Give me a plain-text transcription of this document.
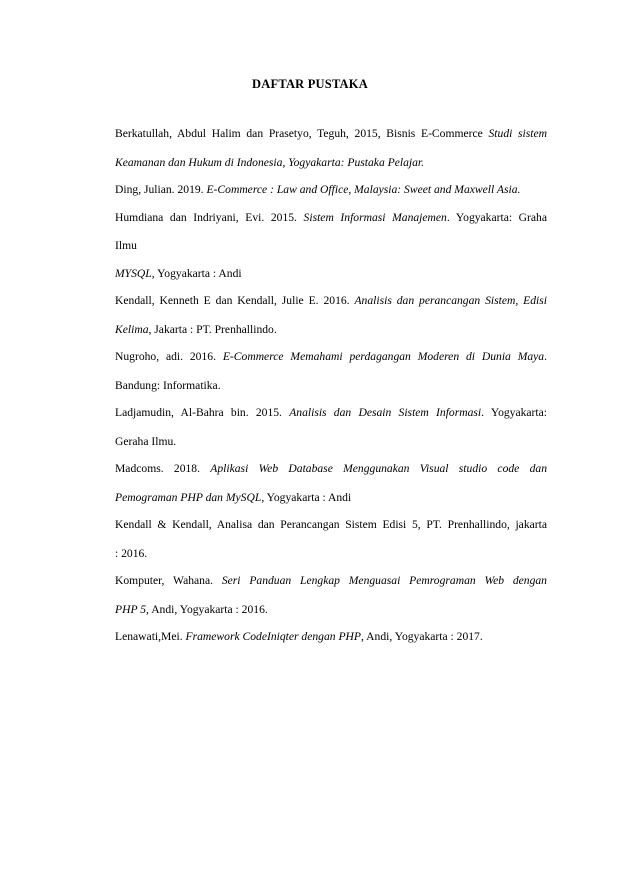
DAFTAR PUSTAKA
Berkatullah, Abdul Halim dan Prasetyo, Teguh, 2015, Bisnis E-Commerce Studi sistem
Keamanan dan Hukum di Indonesia, Yogyakarta: Pustaka Pelajar.
Ding, Julian. 2019. E-Commerce : Law and Office, Malaysia: Sweet and Maxwell Asia.
Humdiana dan Indriyani, Evi. 2015. Sistem Informasi Manajemen. Yogyakarta: Graha
Ilmu
MYSQL, Yogyakarta : Andi
Kendall, Kenneth E dan Kendall, Julie E. 2016. Analisis dan perancangan Sistem, Edisi
Kelima, Jakarta : PT. Prenhallindo.
Nugroho, adi. 2016. E-Commerce Memahami perdagangan Moderen di Dunia Maya.
Bandung: Informatika.
Ladjamudin, Al-Bahra bin. 2015. Analisis dan Desain Sistem Informasi. Yogyakarta:
Geraha Ilmu.
Madcoms. 2018. Aplikasi Web Database Menggunakan Visual studio code dan
Pemograman PHP dan MySQL, Yogyakarta : Andi
Kendall & Kendall, Analisa dan Perancangan Sistem Edisi 5, PT. Prenhallindo, jakarta
: 2016.
Komputer, Wahana. Seri Panduan Lengkap Menguasai Pemrograman Web dengan
PHP 5, Andi, Yogyakarta : 2016.
Lenawati,Mei. Framework CodeIniqter dengan PHP, Andi, Yogyakarta : 2017.
